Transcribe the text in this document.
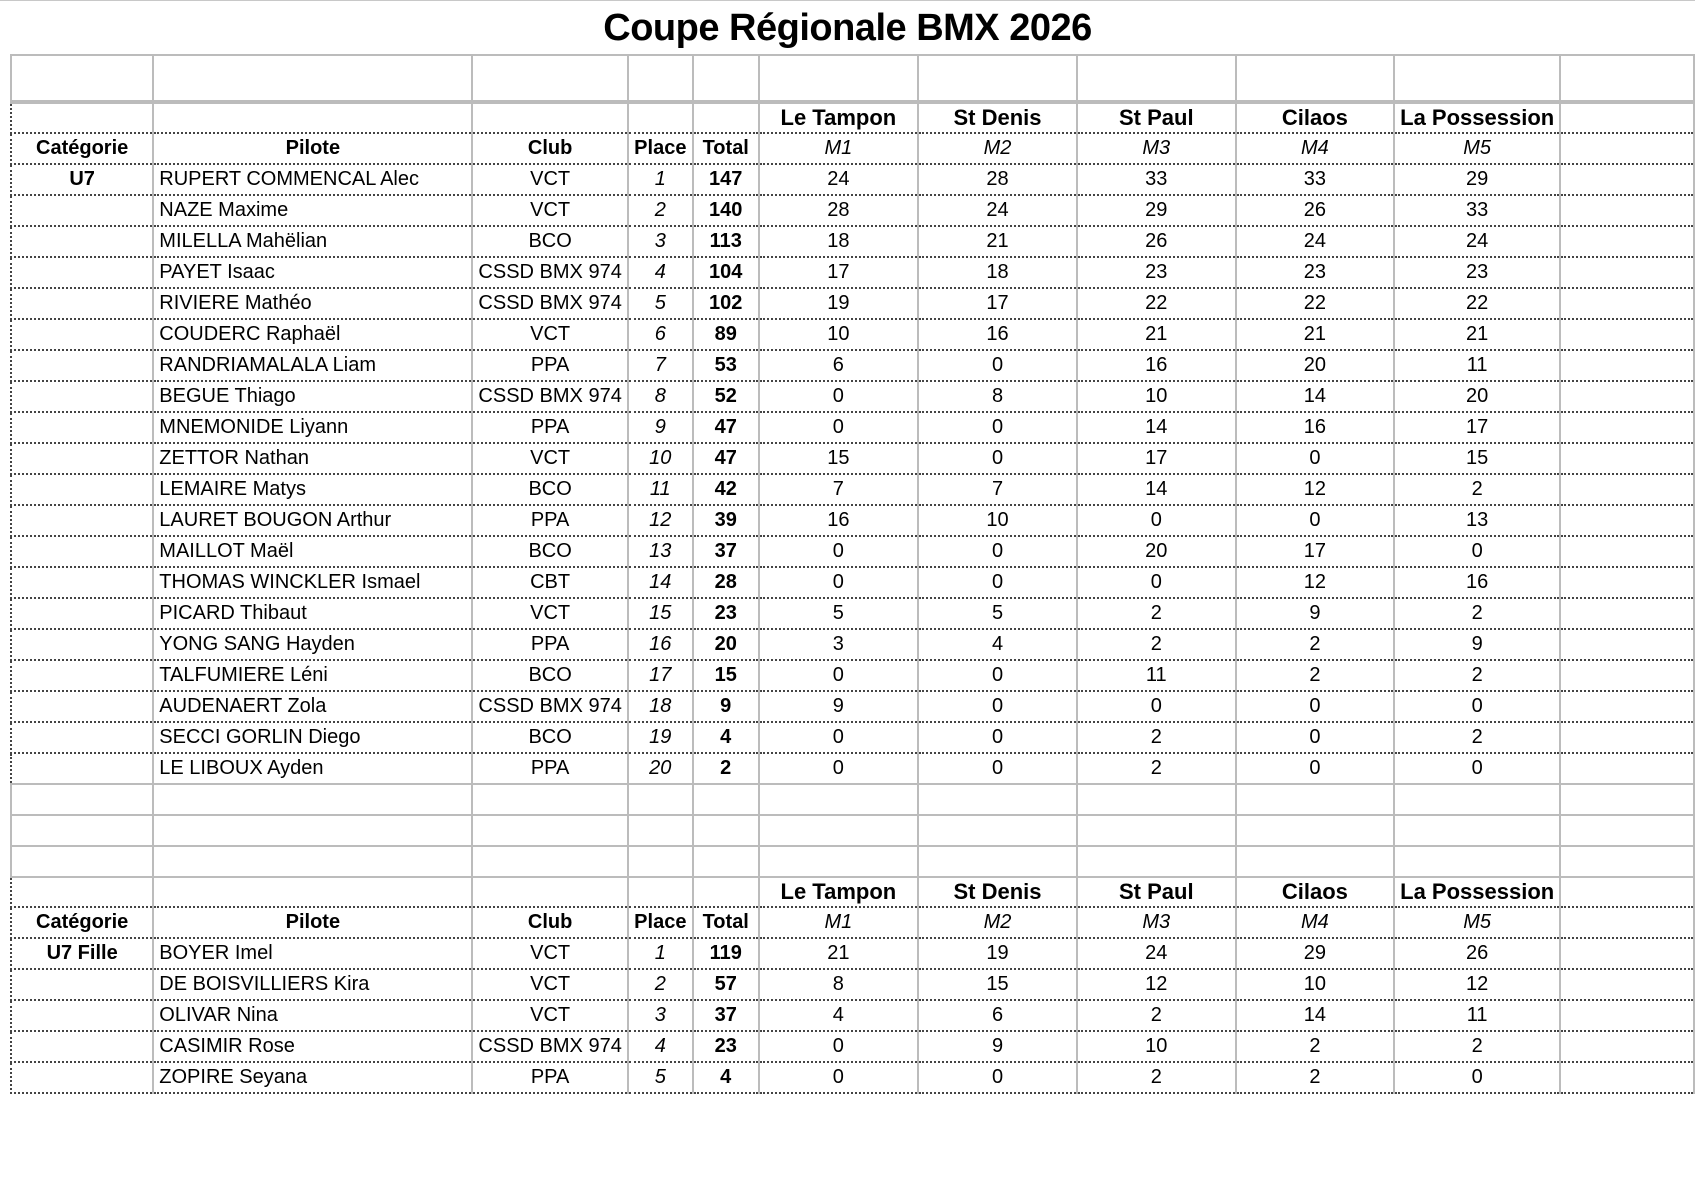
Coupe Régionale BMX 2026

					Le Tampon	St Denis	St Paul	Cilaos	La Possession	
Catégorie	Pilote	Club	Place	Total	M1	M2	M3	M4	M5	
U7	RUPERT COMMENCAL Alec	VCT	1	147	24	28	33	33	29	
	NAZE Maxime	VCT	2	140	28	24	29	26	33	
	MILELLA Mahëlian	BCO	3	113	18	21	26	24	24	
	PAYET Isaac	CSSD BMX 974	4	104	17	18	23	23	23	
	RIVIERE Mathéo	CSSD BMX 974	5	102	19	17	22	22	22	
	COUDERC Raphaël	VCT	6	89	10	16	21	21	21	
	RANDRIAMALALA Liam	PPA	7	53	6	0	16	20	11	
	BEGUE Thiago	CSSD BMX 974	8	52	0	8	10	14	20	
	MNEMONIDE Liyann	PPA	9	47	0	0	14	16	17	
	ZETTOR Nathan	VCT	10	47	15	0	17	0	15	
	LEMAIRE Matys	BCO	11	42	7	7	14	12	2	
	LAURET BOUGON Arthur	PPA	12	39	16	10	0	0	13	
	MAILLOT Maël	BCO	13	37	0	0	20	17	0	
	THOMAS WINCKLER Ismael	CBT	14	28	0	0	0	12	16	
	PICARD Thibaut	VCT	15	23	5	5	2	9	2	
	YONG SANG Hayden	PPA	16	20	3	4	2	2	9	
	TALFUMIERE Léni	BCO	17	15	0	0	11	2	2	
	AUDENAERT Zola	CSSD BMX 974	18	9	9	0	0	0	0	
	SECCI GORLIN Diego	BCO	19	4	0	0	2	0	2	
	LE LIBOUX Ayden	PPA	20	2	0	0	2	0	0	

					Le Tampon	St Denis	St Paul	Cilaos	La Possession	
Catégorie	Pilote	Club	Place	Total	M1	M2	M3	M4	M5	
U7 Fille	BOYER Imel	VCT	1	119	21	19	24	29	26	
	DE BOISVILLIERS Kira	VCT	2	57	8	15	12	10	12	
	OLIVAR Nina	VCT	3	37	4	6	2	14	11	
	CASIMIR Rose	CSSD BMX 974	4	23	0	9	10	2	2	
	ZOPIRE Seyana	PPA	5	4	0	0	2	2	0	
